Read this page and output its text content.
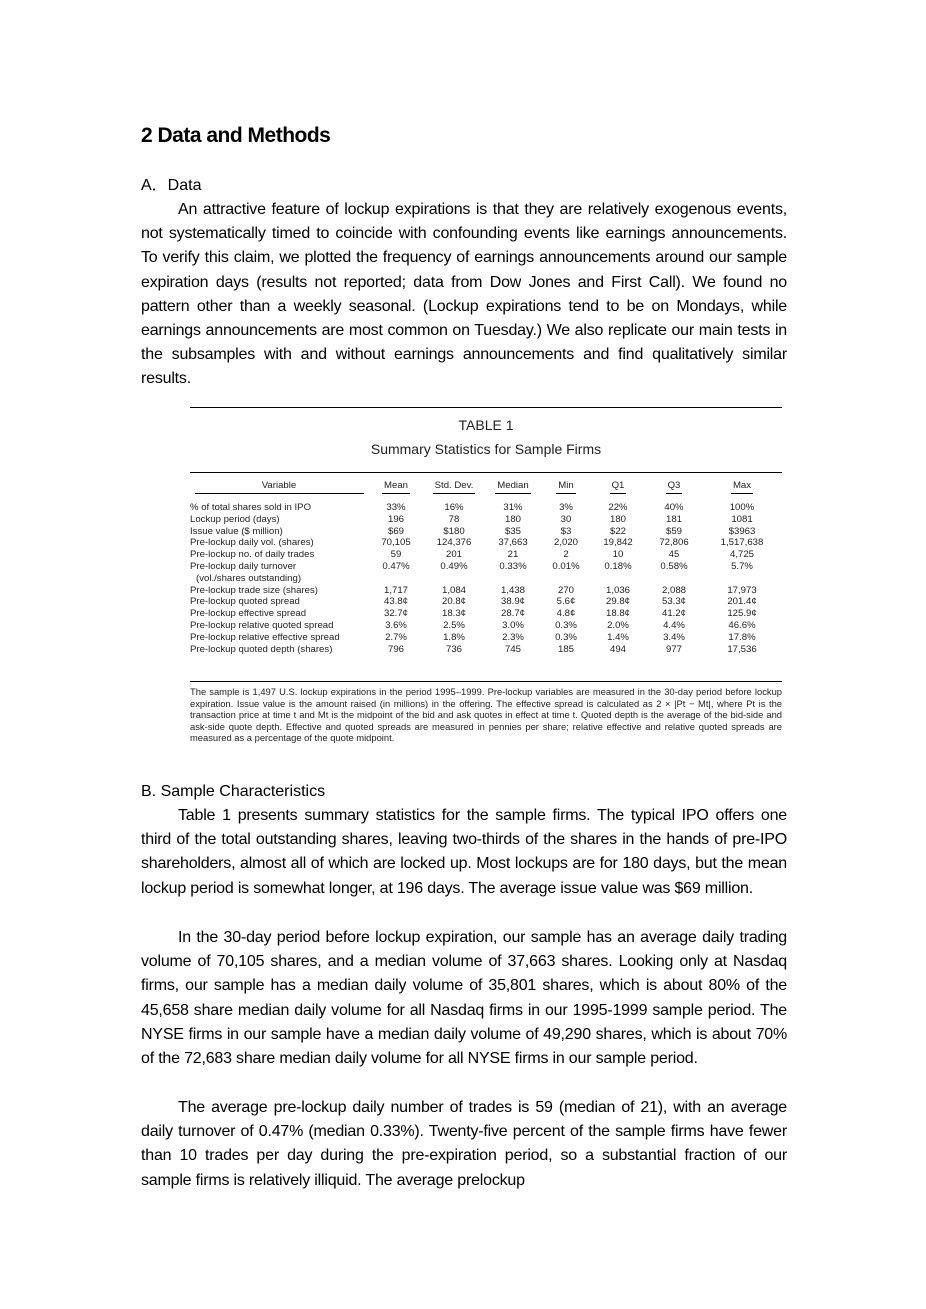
2 Data and Methods
A．Data

An attractive feature of lockup expirations is that they are relatively exogenous events, not systematically timed to coincide with confounding events like earnings announcements. To verify this claim, we plotted the frequency of earnings announcements around our sample expiration days (results not reported; data from Dow Jones and First Call). We found no pattern other than a weekly seasonal. (Lockup expirations tend to be on Mondays, while earnings announcements are most common on Tuesday.) We also replicate our main tests in the subsamples with and without earnings announcements and find qualitatively similar results.

B. Sample Characteristics

Table 1 presents summary statistics for the sample firms. The typical IPO offers one third of the total outstanding shares, leaving two-thirds of the shares in the hands of pre-IPO shareholders, almost all of which are locked up. Most lockups are for 180 days, but the mean lockup period is somewhat longer, at 196 days. The average issue value was $69 million.

In the 30-day period before lockup expiration, our sample has an average daily trading volume of 70,105 shares, and a median volume of 37,663 shares. Looking only at Nasdaq firms, our sample has a median daily volume of 35,801 shares, which is about 80% of the 45,658 share median daily volume for all Nasdaq firms in our 1995-1999 sample period. The NYSE firms in our sample have a median daily volume of 49,290 shares, which is about 70% of the 72,683 share median daily volume for all NYSE firms in our sample period.

The average pre-lockup daily number of trades is 59 (median of 21), with an average daily turnover of 0.47% (median 0.33%). Twenty-five percent of the sample firms have fewer than 10 trades per day during the pre-expiration period, so a substantial fraction of our sample firms is relatively illiquid. The average prelockup

TABLE 1
Summary Statistics for Sample Firms
Variable	Mean	Std. Dev.	Median	Min	Q1	Q3	Max
% of total shares sold in IPO	33%	16%	31%	3%	22%	40%	100%
Lockup period (days)	196	78	180	30	180	181	1081
Issue value ($ million)	$69	$180	$35	$3	$22	$59	$3963
Pre-lockup daily vol. (shares)	70,105	124,376	37,663	2,020	19,842	72,806	1,517,638
Pre-lockup no. of daily trades	59	201	21	2	10	45	4,725
Pre-lockup daily turnover	0.47%	0.49%	0.33%	0.01%	0.18%	0.58%	5.7%
(vol./shares outstanding)							
Pre-lockup trade size (shares)	1,717	1,084	1,438	270	1,036	2,088	17,973
Pre-lockup quoted spread	43.8¢	20.8¢	38.9¢	5.6¢	29.8¢	53.3¢	201.4¢
Pre-lockup effective spread	32.7¢	18.3¢	28.7¢	4.8¢	18.8¢	41.2¢	125.9¢
Pre-lockup relative quoted spread	3.6%	2.5%	3.0%	0.3%	2.0%	4.4%	46.6%
Pre-lockup relative effective spread	2.7%	1.8%	2.3%	0.3%	1.4%	3.4%	17.8%
Pre-lockup quoted depth (shares)	796	736	745	185	494	977	17,536

The sample is 1,497 U.S. lockup expirations in the period 1995–1999. Pre-lockup variables are measured in the 30-day period before lockup expiration. Issue value is the amount raised (in millions) in the offering. The effective spread is calculated as 2 × |Pt − Mt|, where Pt is the transaction price at time t and Mt is the midpoint of the bid and ask quotes in effect at time t. Quoted depth is the average of the bid-side and ask-side quote depth. Effective and quoted spreads are measured in pennies per share; relative effective and relative quoted spreads are measured as a percentage of the quote midpoint.
